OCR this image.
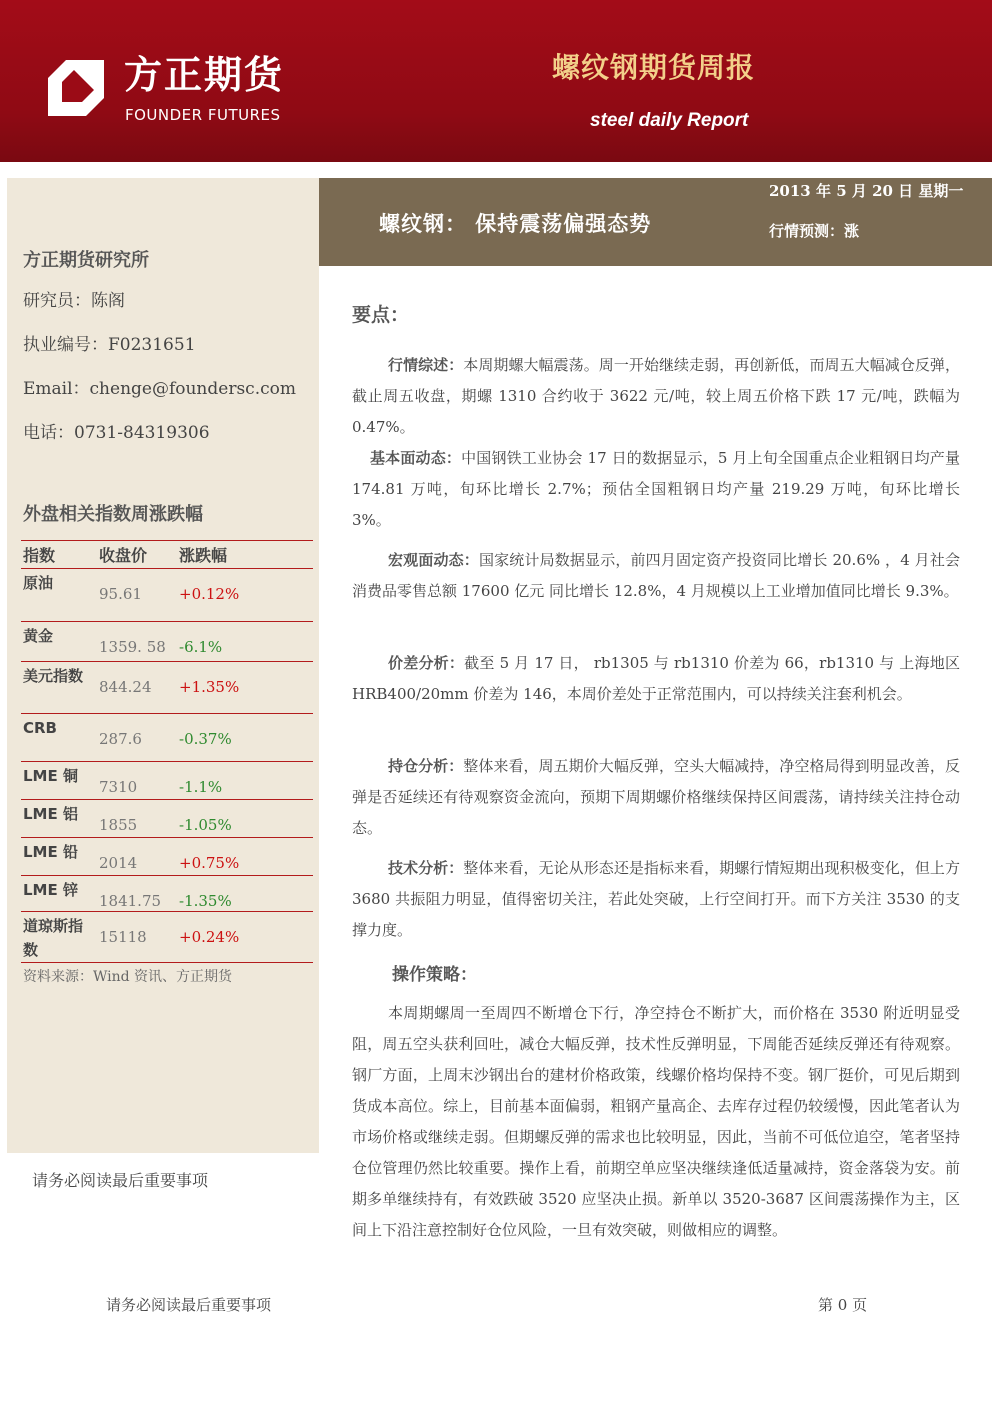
方正期货
FOUNDER FUTURES
螺纹钢期货周报
steel daily Report
方正期货研究所
研究员：陈阁
执业编号：F0231651
Email：chenge@foundersc.com
电话：0731-84319306
外盘相关指数周涨跌幅
指数	收盘价	涨跌幅
原油	95.61	+0.12%
黄金	1359. 58	-6.1%
美元指数	844.24	+1.35%
CRB	287.6	-0.37%
LME 铜	7310	-1.1%
LME 铝	1855	-1.05%
LME 铅	2014	+0.75%
LME 锌	1841.75	-1.35%
道琼斯指数	15118	+0.24%
资料来源：Wind 资讯、方正期货
请务必阅读最后重要事项
螺纹钢： 保持震荡偏强态势
2013 年 5 月 20 日 星期一
行情预测：涨
要点：
行情综述：本周期螺大幅震荡。周一开始继续走弱，再创新低，而周五大幅减仓反弹，截止周五收盘，期螺 1310 合约收于 3622 元/吨，较上周五价格下跌 17 元/吨，跌幅为 0.47%。
基本面动态：中国钢铁工业协会 17 日的数据显示，5 月上旬全国重点企业粗钢日均产量 174.81 万吨，旬环比增长 2.7%；预估全国粗钢日均产量 219.29 万吨，旬环比增长 3%。
宏观面动态：国家统计局数据显示，前四月固定资产投资同比增长 20.6% ，4 月社会消费品零售总额 17600 亿元 同比增长 12.8%，4 月规模以上工业增加值同比增长 9.3%。
价差分析：截至 5 月 17 日， rb1305 与 rb1310 价差为 66，rb1310 与 上海地区 HRB400/20mm 价差为 146，本周价差处于正常范围内，可以持续关注套利机会。
持仓分析：整体来看，周五期价大幅反弹，空头大幅减持，净空格局得到明显改善，反弹是否延续还有待观察资金流向，预期下周期螺价格继续保持区间震荡，请持续关注持仓动态。
技术分析：整体来看，无论从形态还是指标来看，期螺行情短期出现积极变化，但上方 3680 共振阻力明显，值得密切关注，若此处突破，上行空间打开。而下方关注 3530 的支撑力度。
操作策略：
本周期螺周一至周四不断增仓下行，净空持仓不断扩大，而价格在 3530 附近明显受阻，周五空头获利回吐，减仓大幅反弹，技术性反弹明显，下周能否延续反弹还有待观察。钢厂方面，上周末沙钢出台的建材价格政策，线螺价格均保持不变。钢厂挺价，可见后期到货成本高位。综上，目前基本面偏弱，粗钢产量高企、去库存过程仍较缓慢，因此笔者认为市场价格或继续走弱。但期螺反弹的需求也比较明显，因此，当前不可低位追空，笔者坚持仓位管理仍然比较重要。操作上看，前期空单应坚决继续逢低适量减持，资金落袋为安。前期多单继续持有，有效跌破 3520 应坚决止损。新单以 3520-3687 区间震荡操作为主，区间上下沿注意控制好仓位风险，一旦有效突破，则做相应的调整。
请务必阅读最后重要事项	第 0 页
